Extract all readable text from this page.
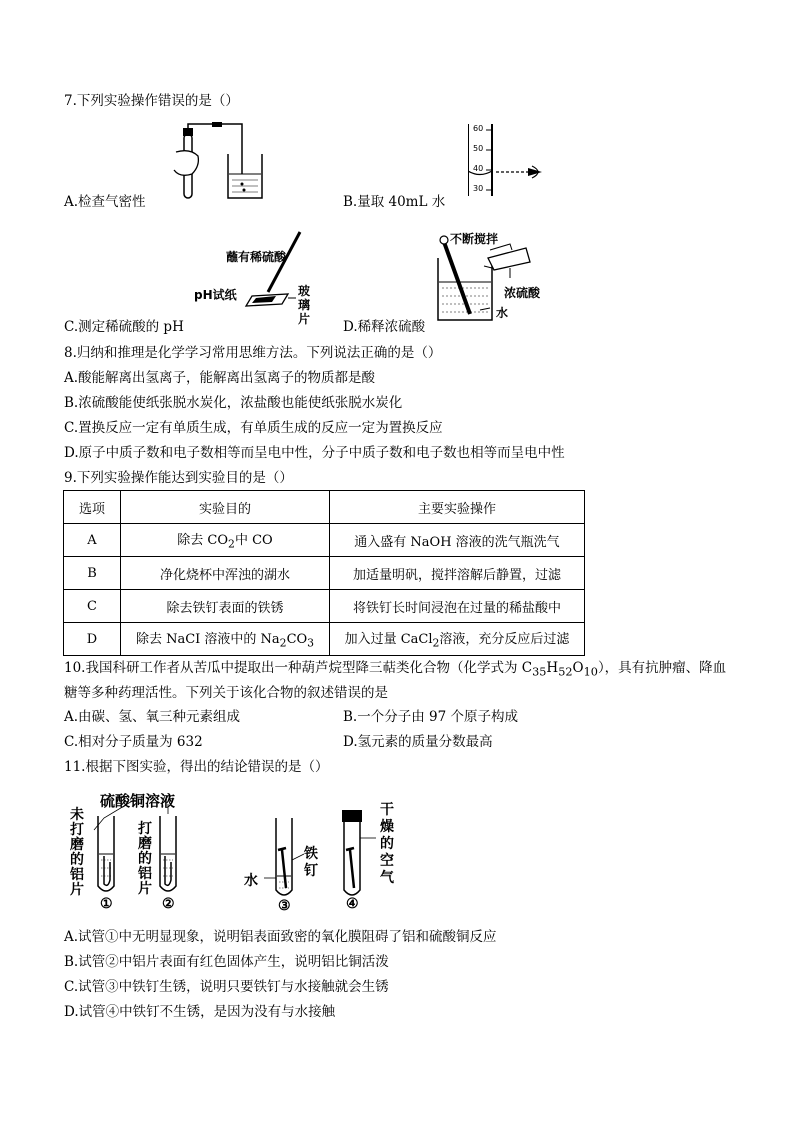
7.下列实验操作错误的是（）
A.检查气密性
60
50
40
30
B.量取 40mL 水
蘸有稀硫酸
pH试纸	玻
璃
片
C.测定稀硫酸的 pH
不断搅拌
浓硫酸
水
D.稀释浓硫酸
8.归纳和推理是化学学习常用思维方法。下列说法正确的是（）
A.酸能解离出氢离子，能解离出氢离子的物质都是酸
B.浓硫酸能使纸张脱水炭化，浓盐酸也能使纸张脱水炭化
C.置换反应一定有单质生成，有单质生成的反应一定为置换反应
D.原子中质子数和电子数相等而呈电中性，分子中质子数和电子数也相等而呈电中性
9.下列实验操作能达到实验目的是（）
选项	实验目的	主要实验操作
A	除去 $CO_2$中 CO	通入盛有 NaOH 溶液的洗气瓶洗气
B	净化烧杯中浑浊的湖水	加适量明矾，搅拌溶解后静置，过滤
C	除去铁钉表面的铁锈	将铁钉长时间浸泡在过量的稀盐酸中
D	除去 NaCI 溶液中的 $Na_2CO_3$	加入过量 CaCl$_2$溶液，充分反应后过滤
10.我国科研工作者从苦瓜中提取出一种葫芦烷型降三萜类化合物（化学式为 $C_{35}H_{52}O_{10}$），具有抗肿瘤、降血
糖等多种药理活性。下列关于该化合物的叙述错误的是
A.由碳、氢、氧三种元素组成	B.一个分子由 97 个原子构成
C.相对分子质量为 632	D.氢元素的质量分数最高
11.根据下图实验，得出的结论错误的是（）
硫酸铜溶液
未
打
磨
的
铝
片
打
磨
的
铝
片
①	②	③	④
水
铁
钉
干
燥
的
空
气
A.试管①中无明显现象，说明铝表面致密的氧化膜阻碍了铝和硫酸铜反应
B.试管②中铝片表面有红色固体产生，说明铝比铜活泼
C.试管③中铁钉生锈，说明只要铁钉与水接触就会生锈
D.试管④中铁钉不生锈，是因为没有与水接触
